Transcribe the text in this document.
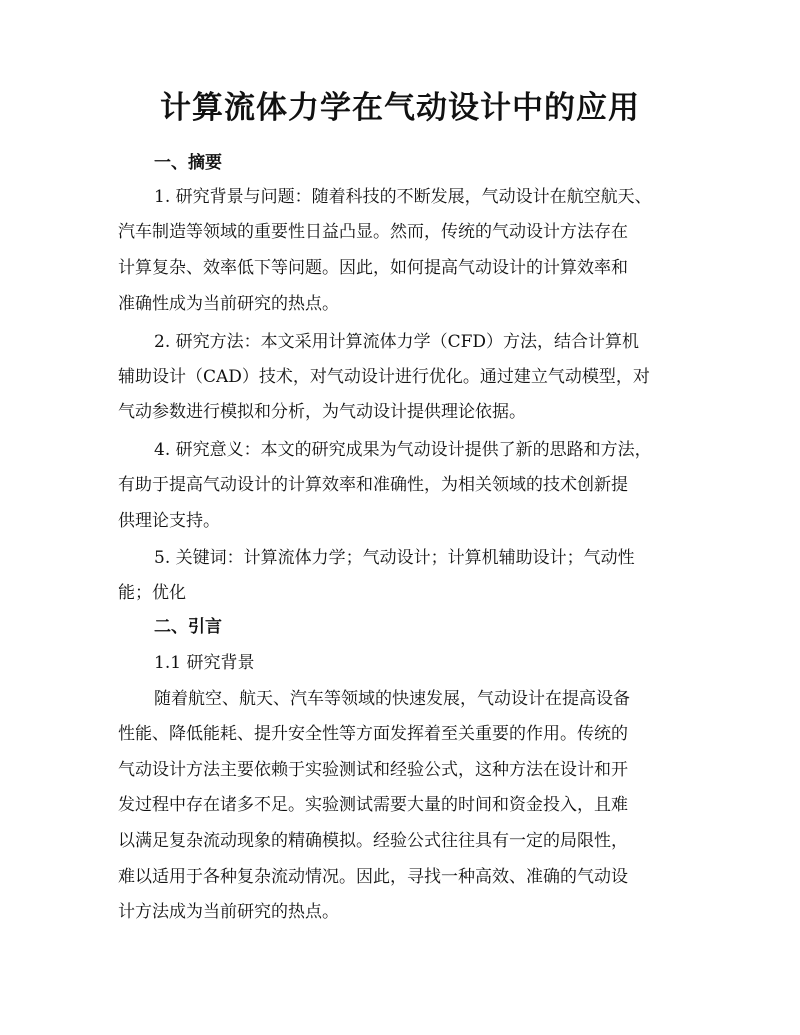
计算流体力学在气动设计中的应用
一、摘要
1. 研究背景与问题：随着科技的不断发展，气动设计在航空航天、
汽车制造等领域的重要性日益凸显。然而，传统的气动设计方法存在
计算复杂、效率低下等问题。因此，如何提高气动设计的计算效率和
准确性成为当前研究的热点。
2. 研究方法：本文采用计算流体力学（CFD）方法，结合计算机
辅助设计（CAD）技术，对气动设计进行优化。通过建立气动模型，对
气动参数进行模拟和分析，为气动设计提供理论依据。
4. 研究意义：本文的研究成果为气动设计提供了新的思路和方法，
有助于提高气动设计的计算效率和准确性，为相关领域的技术创新提
供理论支持。
5. 关键词：计算流体力学；气动设计；计算机辅助设计；气动性
能；优化
二、引言
1.1 研究背景
随着航空、航天、汽车等领域的快速发展，气动设计在提高设备
性能、降低能耗、提升安全性等方面发挥着至关重要的作用。传统的
气动设计方法主要依赖于实验测试和经验公式，这种方法在设计和开
发过程中存在诸多不足。实验测试需要大量的时间和资金投入，且难
以满足复杂流动现象的精确模拟。经验公式往往具有一定的局限性，
难以适用于各种复杂流动情况。因此，寻找一种高效、准确的气动设
计方法成为当前研究的热点。
